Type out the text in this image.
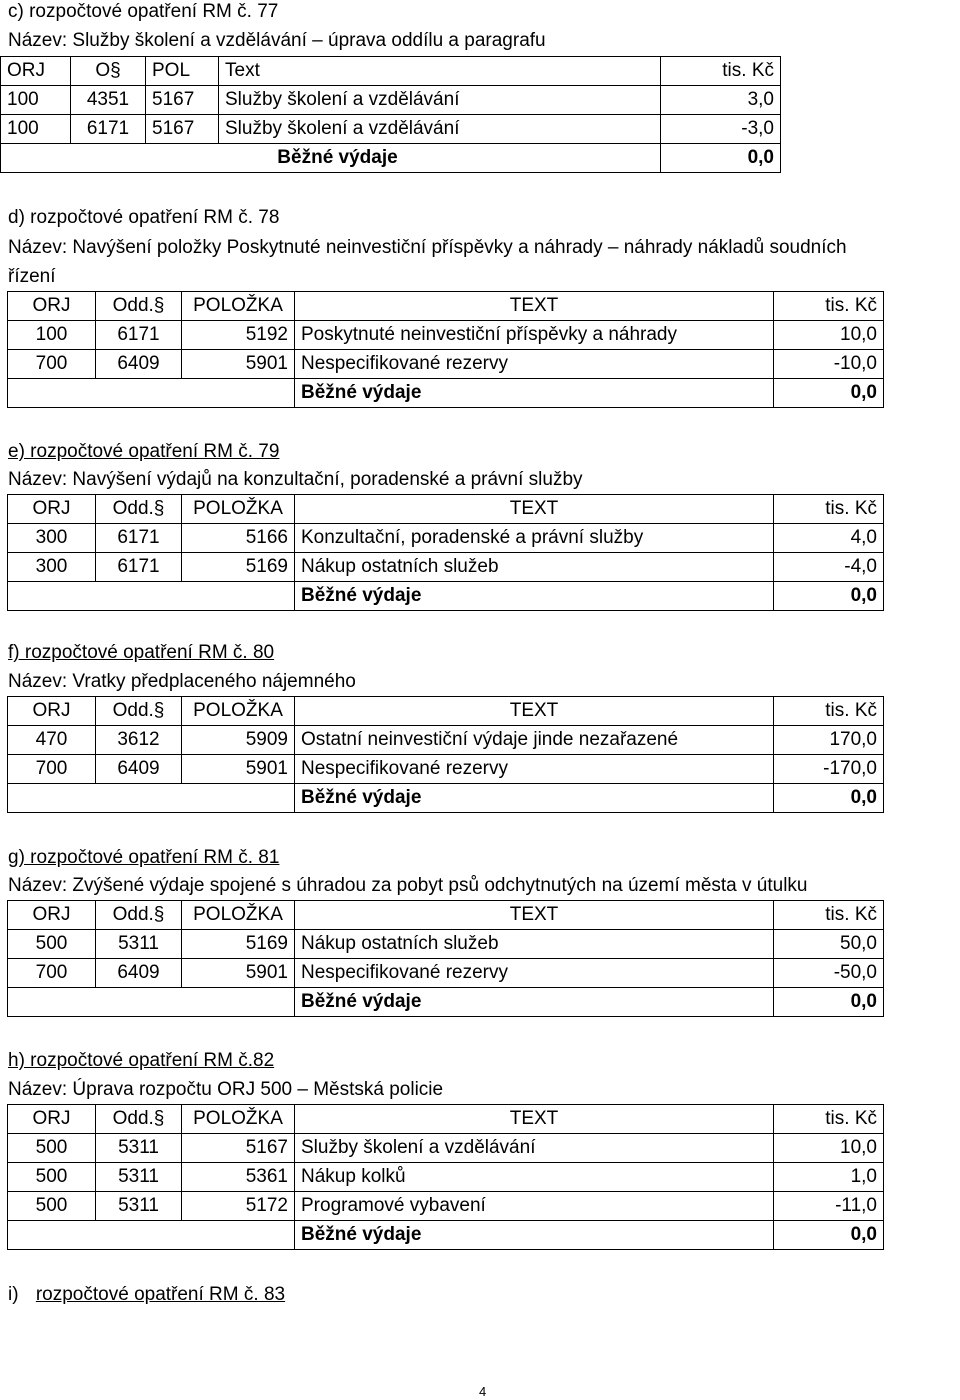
c) rozpočtové opatření RM č. 77
Název: Služby školení a vzdělávání – úprava oddílu a paragrafu
ORJ	O§	POL	Text	tis. Kč
100	4351	5167	Služby školení a vzdělávání	3,0
100	6171	5167	Služby školení a vzdělávání	-3,0
Běžné výdaje				0,0
d) rozpočtové opatření RM č. 78
Název: Navýšení položky Poskytnuté neinvestiční příspěvky a náhrady – náhrady nákladů soudních
řízení
ORJ	Odd.§	POLOŽKA	TEXT	tis. Kč
100	6171	5192	Poskytnuté neinvestiční příspěvky a náhrady	10,0
700	6409	5901	Nespecifikované rezervy	-10,0
			Běžné výdaje	0,0
e) rozpočtové opatření RM č. 79
Název: Navýšení výdajů na konzultační, poradenské a právní služby
ORJ	Odd.§	POLOŽKA	TEXT	tis. Kč
300	6171	5166	Konzultační, poradenské a právní služby	4,0
300	6171	5169	Nákup ostatních služeb	-4,0
			Běžné výdaje	0,0
f) rozpočtové opatření RM č. 80
Název: Vratky předplaceného nájemného
ORJ	Odd.§	POLOŽKA	TEXT	tis. Kč
470	3612	5909	Ostatní neinvestiční výdaje jinde nezařazené	170,0
700	6409	5901	Nespecifikované rezervy	-170,0
			Běžné výdaje	0,0
g) rozpočtové opatření RM č. 81
Název: Zvýšené výdaje spojené s úhradou za pobyt psů odchytnutých na území města v útulku
ORJ	Odd.§	POLOŽKA	TEXT	tis. Kč
500	5311	5169	Nákup ostatních služeb	50,0
700	6409	5901	Nespecifikované rezervy	-50,0
			Běžné výdaje	0,0
h) rozpočtové opatření RM č.82
Název: Úprava rozpočtu ORJ 500 – Městská policie
ORJ	Odd.§	POLOŽKA	TEXT	tis. Kč
500	5311	5167	Služby školení a vzdělávání	10,0
500	5311	5361	Nákup kolků	1,0
500	5311	5172	Programové vybavení	-11,0
			Běžné výdaje	0,0
i) rozpočtové opatření RM č. 83
4
